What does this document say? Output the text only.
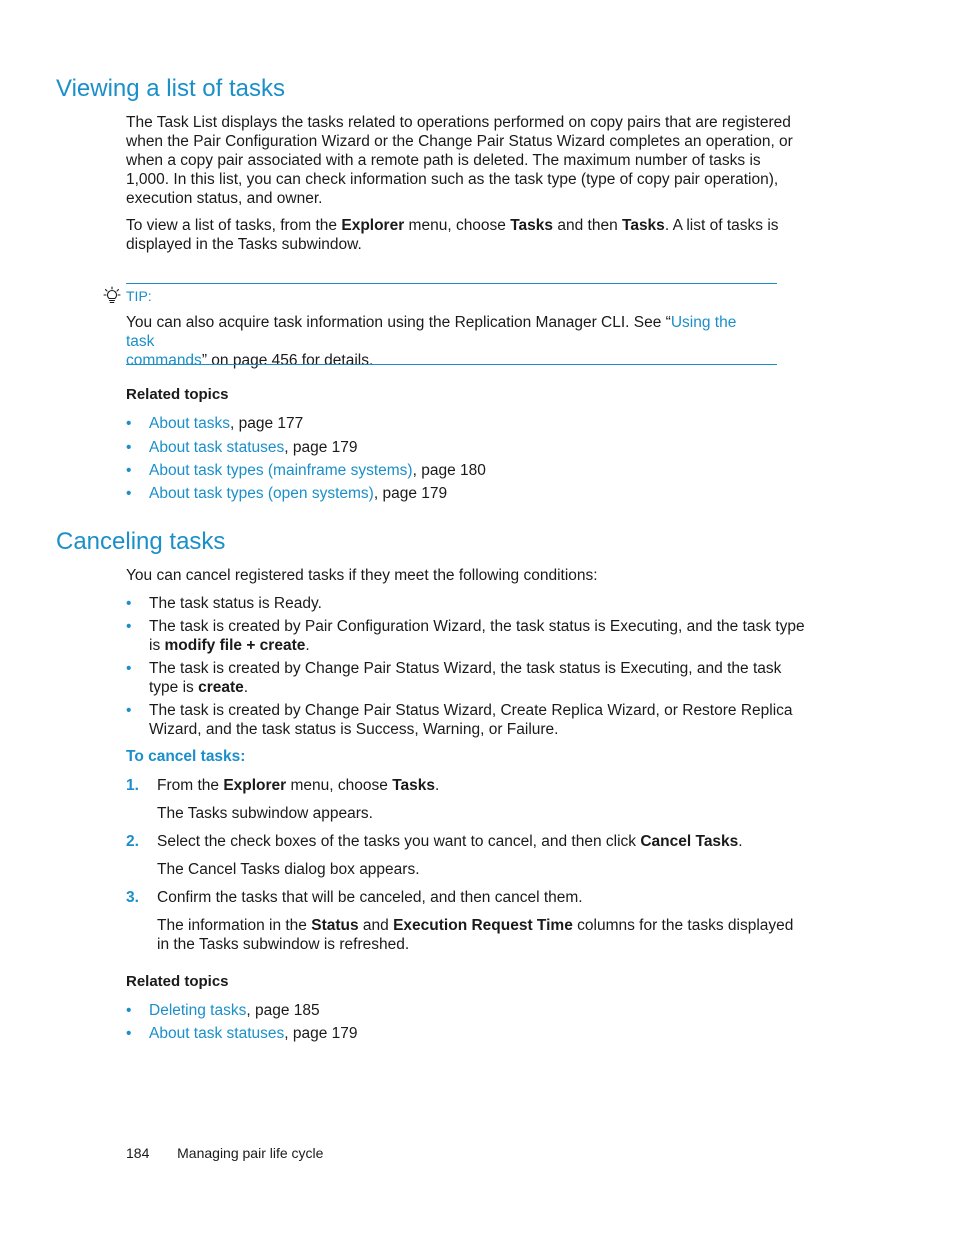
Viewing a list of tasks

The Task List displays the tasks related to operations performed on copy pairs that are registered when the Pair Configuration Wizard or the Change Pair Status Wizard completes an operation, or when a copy pair associated with a remote path is deleted. The maximum number of tasks is 1,000. In this list, you can check information such as the task type (type of copy pair operation), execution status, and owner.

To view a list of tasks, from the Explorer menu, choose Tasks and then Tasks. A list of tasks is displayed in the Tasks subwindow.

TIP:

You can also acquire task information using the Replication Manager CLI. See “Using the task
commands” on page 456 for details.

Related topics
• About tasks, page 177
• About task statuses, page 179
• About task types (mainframe systems), page 180
• About task types (open systems), page 179
Canceling tasks

You can cancel registered tasks if they meet the following conditions:

• The task status is Ready.
• The task is created by Pair Configuration Wizard, the task status is Executing, and the task type is modify file + create.
• The task is created by Change Pair Status Wizard, the task status is Executing, and the task type is create.
• The task is created by Change Pair Status Wizard, Create Replica Wizard, or Restore Replica Wizard, and the task status is Success, Warning, or Failure.
To cancel tasks:
1. From the Explorer menu, choose Tasks.
The Tasks subwindow appears.
2. Select the check boxes of the tasks you want to cancel, and then click Cancel Tasks.
The Cancel Tasks dialog box appears.
3. Confirm the tasks that will be canceled, and then cancel them.
The information in the Status and Execution Request Time columns for the tasks displayed in the Tasks subwindow is refreshed.
Related topics
• Deleting tasks, page 185
• About task statuses, page 179
184 Managing pair life cycle
